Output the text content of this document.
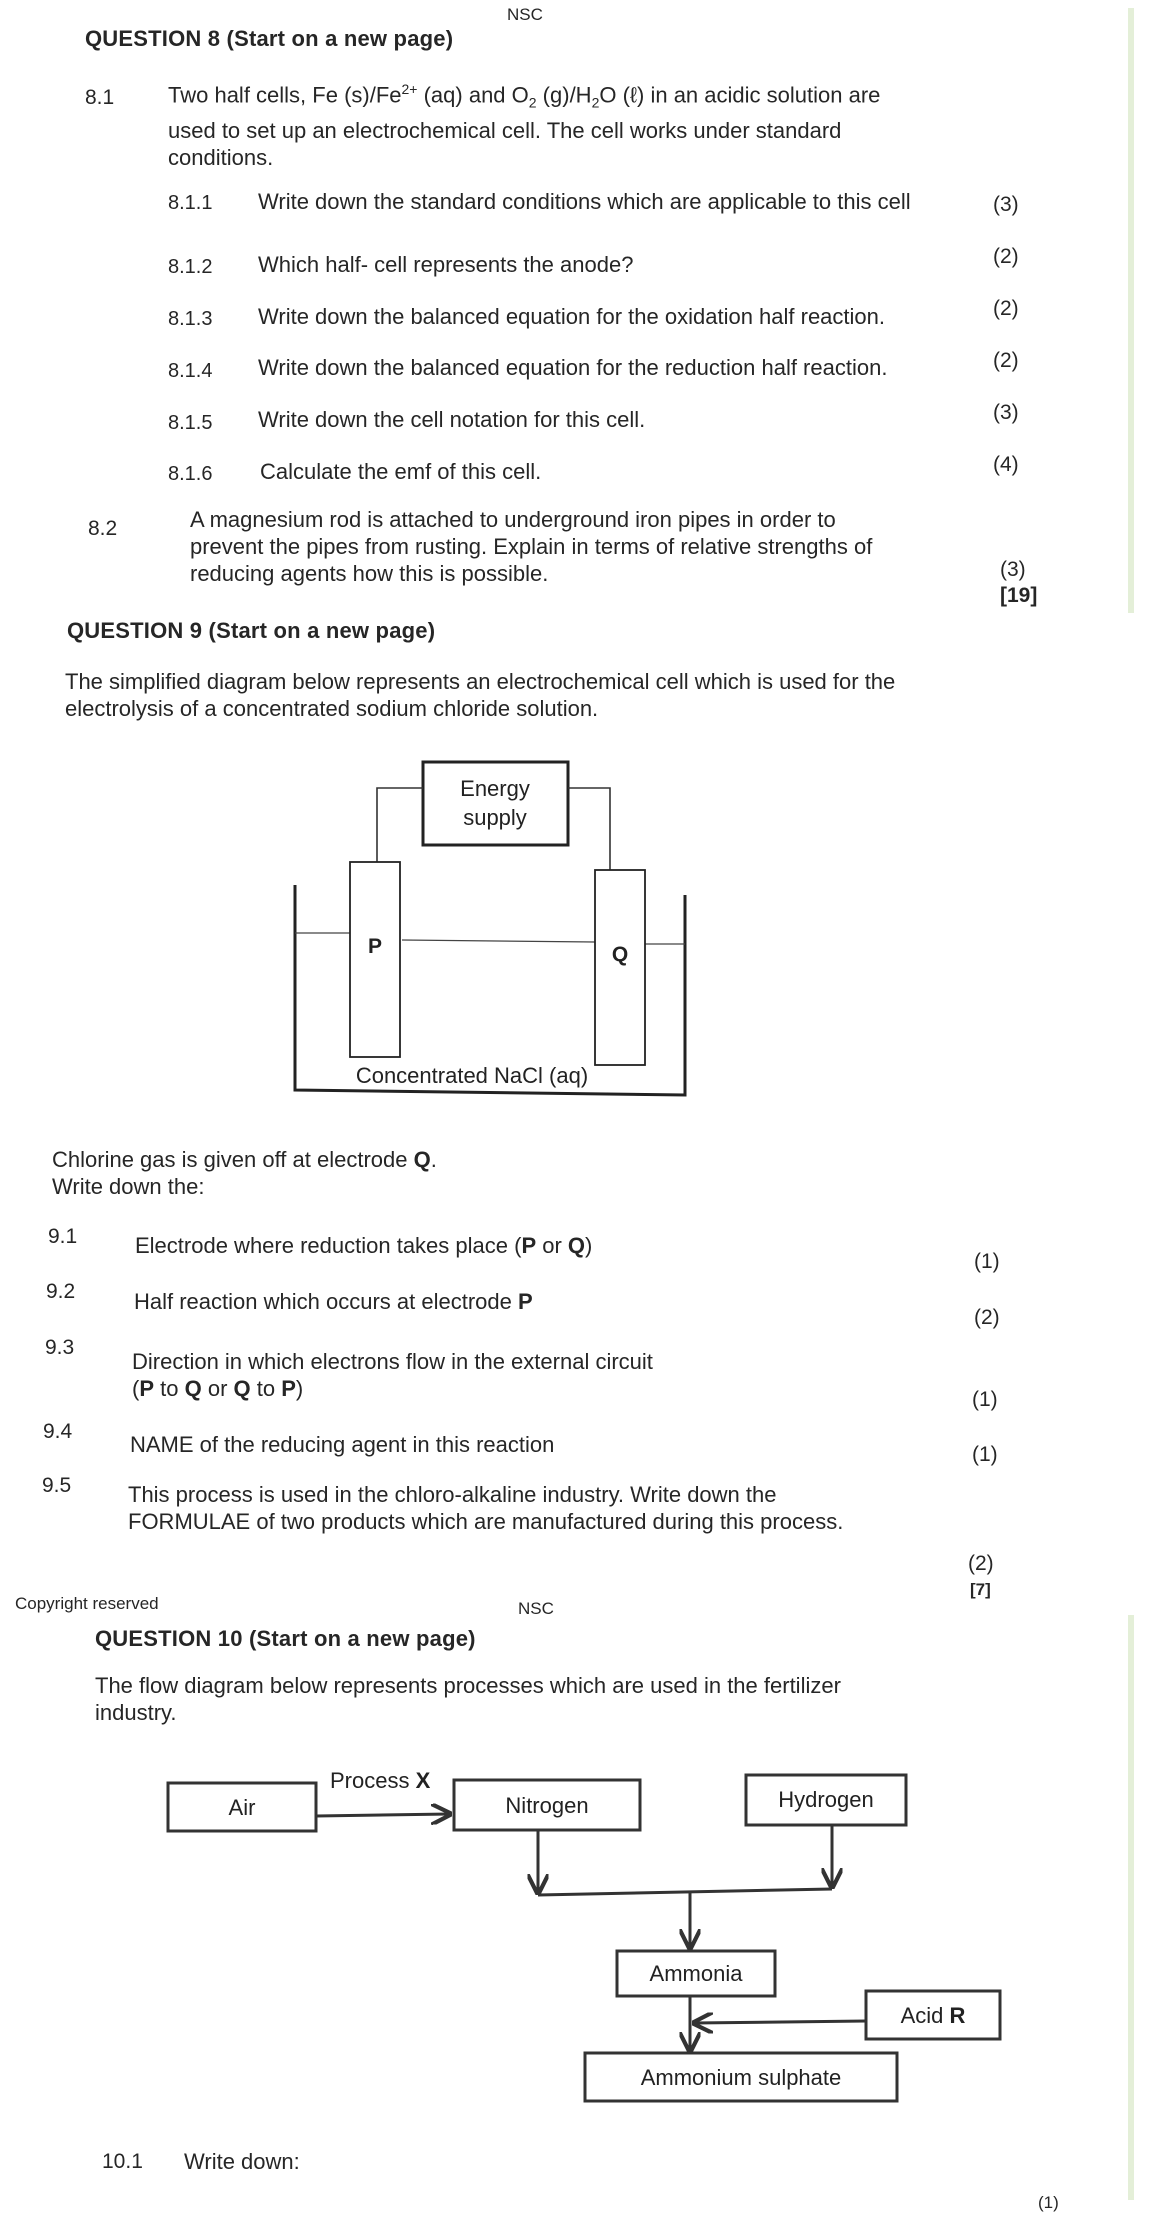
NSC
QUESTION 8 (Start on a new page)
8.1 Two half cells, Fe $(s)/Fe^{2+}$ (aq) and $O_2$ $(g)/H_2O$ (ℓ) in an acidic solution are
used to set up an electrochemical cell. The cell works under standard
conditions.
8.1.1 Write down the standard conditions which are applicable to this cell	(3)
8.1.2 Which half- cell represents the anode?	(2)
8.1.3 Write down the balanced equation for the oxidation half reaction.	(2)
8.1.4 Write down the balanced equation for the reduction half reaction.	(2)
8.1.5 Write down the cell notation for this cell.	(3)
8.1.6 Calculate the emf of this cell.	(4)
8.2	A magnesium rod is attached to underground iron pipes in order to
prevent the pipes from rusting. Explain in terms of relative strengths of
reducing agents how this is possible.	(3)
[19]
QUESTION 9 (Start on a new page)
The simplified diagram below represents an electrochemical cell which is used for the
electrolysis of a concentrated sodium chloride solution.
Energy
supply
P	Q
Concentrated NaCl (aq)
Chlorine gas is given off at electrode Q.
Write down the:
9.1	Electrode where reduction takes place (P or Q)
(1)
9.2	Half reaction which occurs at electrode P
(2)
9.3
Direction in which electrons flow in the external circuit
(P to Q or Q to P)	(1)
9.4
NAME of the reducing agent in this reaction	(1)
9.5	This process is used in the chloro-alkaline industry. Write down the
FORMULAE of two products which are manufactured during this process.
(2)
[7]
Copyright reserved	NSC
QUESTION 10 (Start on a new page)
The flow diagram below represents processes which are used in the fertilizer
industry.
Process X
Air	Nitrogen	Hydrogen
Ammonia
Acid R
Ammonium sulphate
10.1 Write down:
(1)
